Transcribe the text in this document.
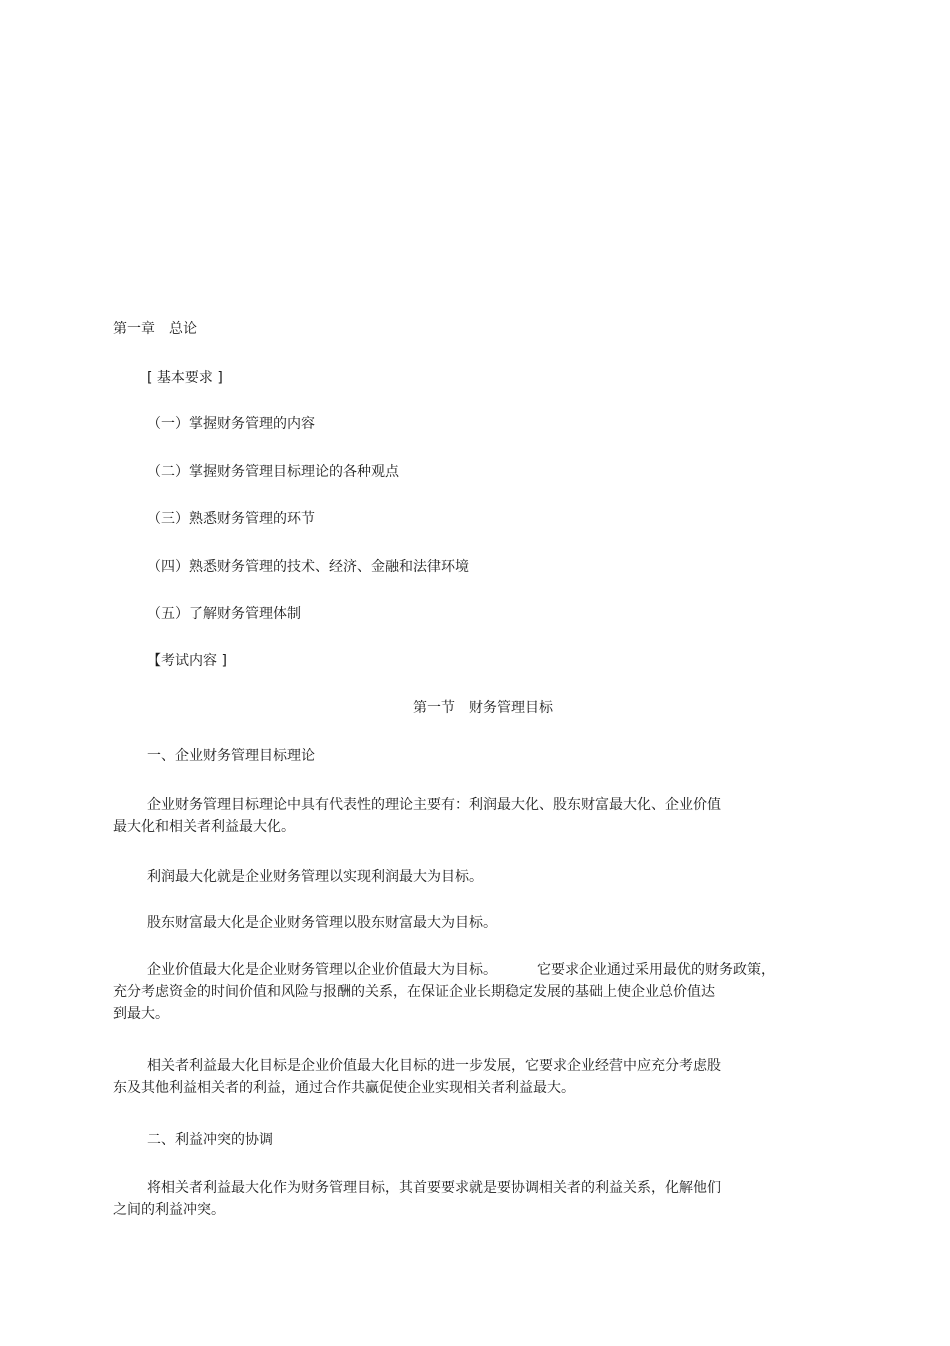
第一章　总论
[ 基本要求 ]
（一）掌握财务管理的内容
（二）掌握财务管理目标理论的各种观点
（三）熟悉财务管理的环节
（四）熟悉财务管理的技术、经济、金融和法律环境
（五）了解财务管理体制
【考试内容 ]
第一节　财务管理目标
一、企业财务管理目标理论
企业财务管理目标理论中具有代表性的理论主要有：利润最大化、股东财富最大化、企业价值
最大化和相关者利益最大化。
利润最大化就是企业财务管理以实现利润最大为目标。
股东财富最大化是企业财务管理以股东财富最大为目标。
企业价值最大化是企业财务管理以企业价值最大为目标。	它要求企业通过采用最优的财务政策，
充分考虑资金的时间价值和风险与报酬的关系，在保证企业长期稳定发展的基础上使企业总价值达
到最大。
相关者利益最大化目标是企业价值最大化目标的进一步发展，它要求企业经营中应充分考虑股
东及其他利益相关者的利益，通过合作共赢促使企业实现相关者利益最大。
二、利益冲突的协调
将相关者利益最大化作为财务管理目标，其首要要求就是要协调相关者的利益关系，化解他们
之间的利益冲突。
